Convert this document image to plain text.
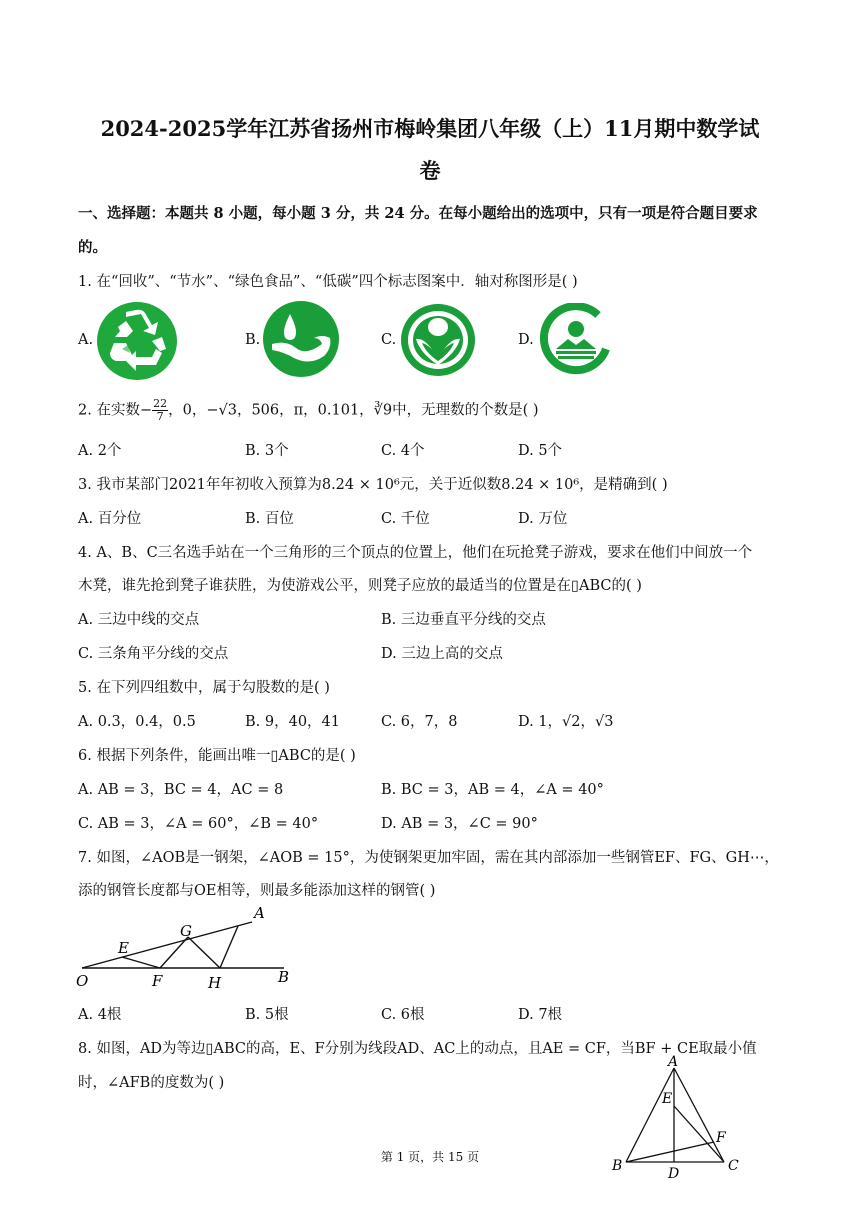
2024-2025学年江苏省扬州市梅岭集团八年级（上）11月期中数学试
卷
一、选择题：本题共 8 小题，每小题 3 分，共 24 分。在每小题给出的选项中，只有一项是符合题目要求
的。
1. 在“回收”、“节水”、“绿色食品”、“低碳”四个标志图案中．轴对称图形是( )
A.	B.	C.	D.
2. 在实数− $\frac{22}{7}$ ，0，−√3，506，π，0.101，∛9中，无理数的个数是( )
A. 2个	B. 3个	C. 4个	D. 5个
3. 我市某部门2021年年初收入预算为8.24 × 10⁶元，关于近似数8.24 × 10⁶，是精确到( )
A. 百分位	B. 百位	C. 千位	D. 万位
4. A、B、C三名选手站在一个三角形的三个顶点的位置上，他们在玩抢凳子游戏，要求在他们中间放一个
木凳，谁先抢到凳子谁获胜，为使游戏公平，则凳子应放的最适当的位置是在▯ABC的( )
A. 三边中线的交点	B. 三边垂直平分线的交点
C. 三条角平分线的交点	D. 三边上高的交点
5. 在下列四组数中，属于勾股数的是( )
A. 0.3，0.4，0.5	B. 9，40，41	C. 6，7，8	D. 1，√2，√3
6. 根据下列条件，能画出唯一▯ABC的是( )
A. AB = 3，BC = 4，AC = 8	B. BC = 3，AB = 4，∠A = 40°
C. AB = 3，∠A = 60°，∠B = 40°	D. AB = 3，∠C = 90°
7. 如图，∠AOB是一钢架，∠AOB = 15°，为使钢架更加牢固，需在其内部添加一些钢管EF、FG、GH⋯，
添的钢管长度都与OE相等，则最多能添加这样的钢管( )
A
E
G
O	F	H	B
A. 4根	B. 5根	C. 6根	D. 7根
8. 如图，AD为等边▯ABC的高，E、F分别为线段AD、AC上的动点，且AE = CF，当BF + CE取最小值
时，∠AFB的度数为( )
A
E
F
B	D	C
第 1 页，共 15 页
